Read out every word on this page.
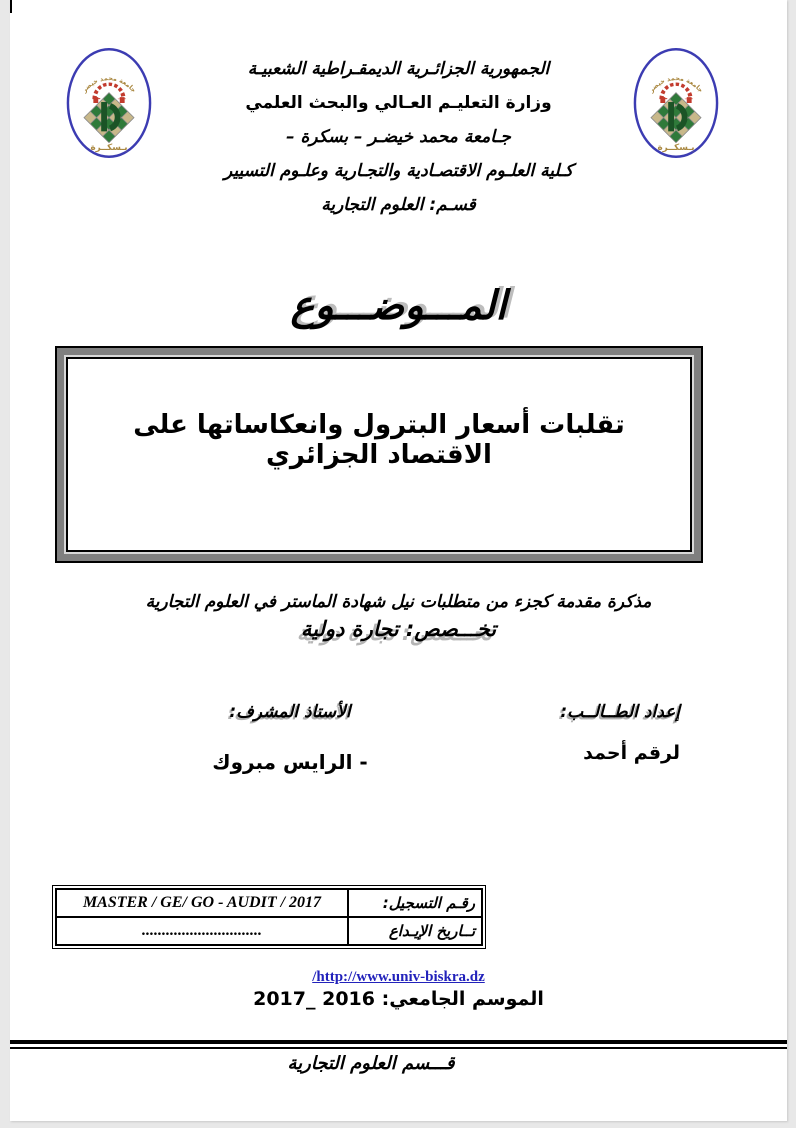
الجمهورية الجزائـرية الديمقـراطية الشعبيـة
وزارة التعليـم العـالي والبحث العلمي
جـامعة محمد خيضـر – بسكرة –
كـلية العلـوم الاقتصـادية والتجـارية وعلـوم التسيير
قسـم: العلوم التجارية
جامعة محمد خيضر
بـسكــرة
جامعة محمد خيضر
بـسكــرة
المـــوضـــوع
تقلبات أسعار البترول وانعكاساتها على الاقتصاد الجزائري
مذكرة مقدمة كجزء من متطلبات نيل شهادة الماستر في العلوم التجارية
تخـــصص: تجارة دولية
إعداد الطــالــب:
لرقم أحمد
الأستاذ المشرف:
- الرايس مبروك
رقـم التسجيل:	MASTER / GE/ GO - AUDIT / 2017
تــاريخ الإيـداع	..............................
/http://www.univ-biskra.dz
الموسم الجامعي: 2016 _2017
قـــسم العلوم التجارية
